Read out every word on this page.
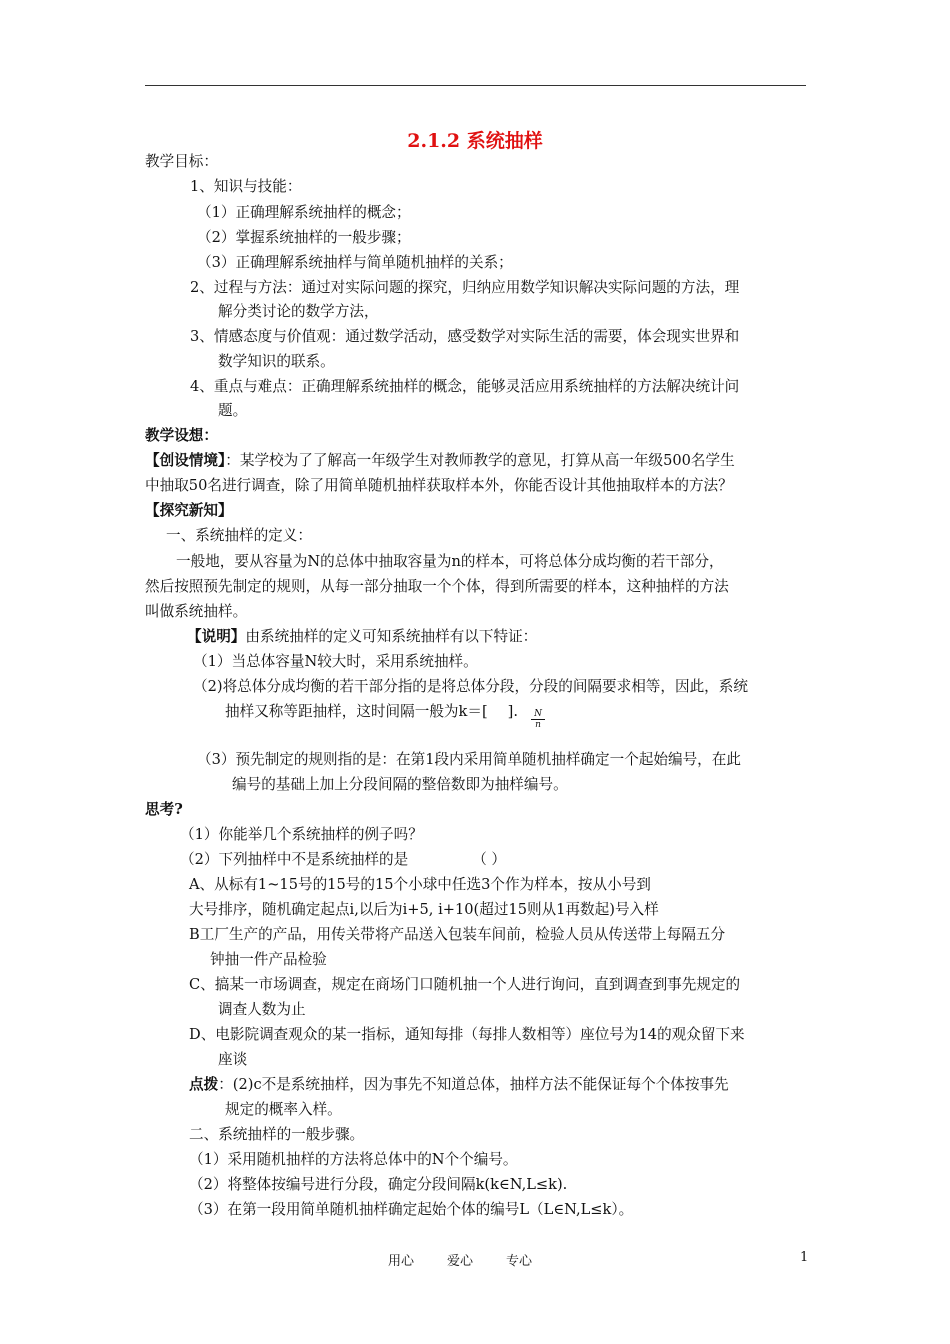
2.1.2 系统抽样
教学目标：
1、知识与技能：
（1）正确理解系统抽样的概念；
（2）掌握系统抽样的一般步骤；
（3）正确理解系统抽样与简单随机抽样的关系；
2、过程与方法：通过对实际问题的探究，归纳应用数学知识解决实际问题的方法，理
解分类讨论的数学方法，
3、情感态度与价值观：通过数学活动，感受数学对实际生活的需要，体会现实世界和
数学知识的联系。
4、重点与难点：正确理解系统抽样的概念，能够灵活应用系统抽样的方法解决统计问
题。
教学设想：
【创设情境】：某学校为了了解高一年级学生对教师教学的意见，打算从高一年级500名学生
中抽取50名进行调查，除了用简单随机抽样获取样本外，你能否设计其他抽取样本的方法？
【探究新知】
一、系统抽样的定义：
一般地，要从容量为N的总体中抽取容量为n的样本，可将总体分成均衡的若干部分，
然后按照预先制定的规则，从每一部分抽取一个个体，得到所需要的样本，这种抽样的方法
叫做系统抽样。
【说明】由系统抽样的定义可知系统抽样有以下特证：
（1）当总体容量N较大时，采用系统抽样。
（2)将总体分成均衡的若干部分指的是将总体分段，分段的间隔要求相等，因此，系统
抽样又称等距抽样，这时间隔一般为k＝[ ]. $\frac{N}{n}$
（3）预先制定的规则指的是：在第1段内采用简单随机抽样确定一个起始编号，在此
编号的基础上加上分段间隔的整倍数即为抽样编号。
思考?
（1）你能举几个系统抽样的例子吗？
（2）下列抽样中不是系统抽样的是	（ ）
A、从标有1~15号的15号的15个小球中任选3个作为样本，按从小号到
大号排序，随机确定起点i,以后为i+5, i+10(超过15则从1再数起)号入样
B工厂生产的产品，用传关带将产品送入包装车间前，检验人员从传送带上每隔五分
钟抽一件产品检验
C、搞某一市场调查，规定在商场门口随机抽一个人进行询问，直到调查到事先规定的
调查人数为止
D、电影院调查观众的某一指标，通知每排（每排人数相等）座位号为14的观众留下来
座谈
点拨：(2)c不是系统抽样，因为事先不知道总体，抽样方法不能保证每个个体按事先
规定的概率入样。
二、系统抽样的一般步骤。
（1）采用随机抽样的方法将总体中的N个个编号。
（2）将整体按编号进行分段，确定分段间隔k(k∈N,L≤k).
（3）在第一段用简单随机抽样确定起始个体的编号L（L∈N,L≤k）。
用心	爱心	专心	1
